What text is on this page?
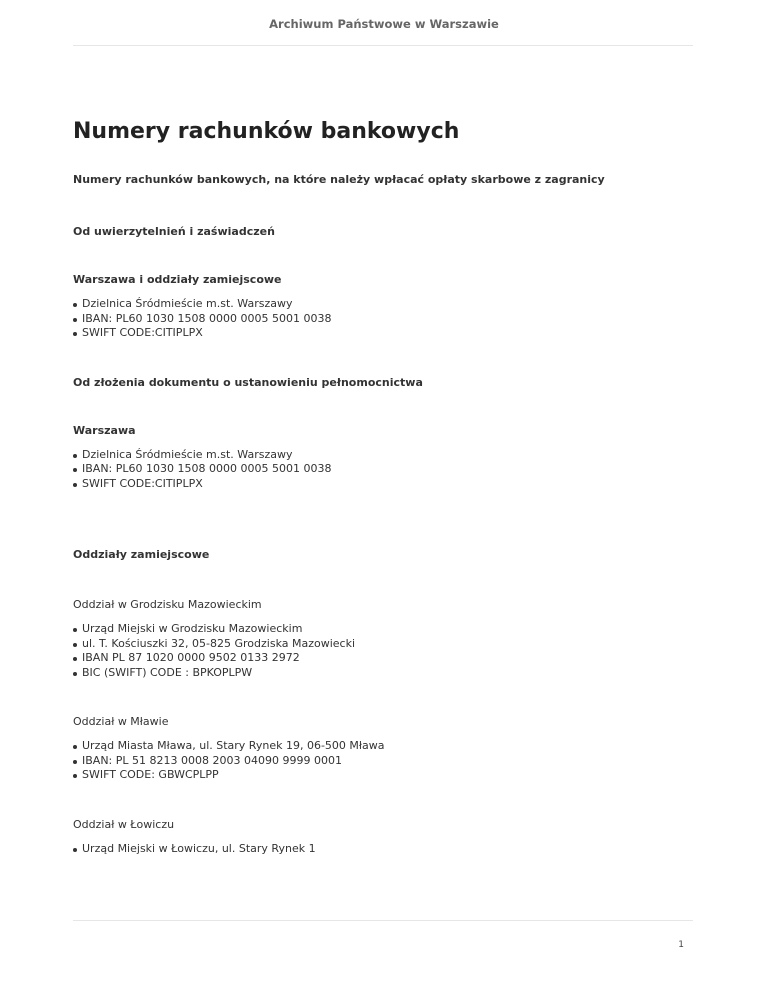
Archiwum Państwowe w Warszawie
Numery rachunków bankowych

Numery rachunków bankowych, na które należy wpłacać opłaty skarbowe z zagranicy

Od uwierzytelnień i zaświadczeń

Warszawa i oddziały zamiejscowe

Dzielnica Śródmieście m.st. Warszawy
IBAN: PL60 1030 1508 0000 0005 5001 0038
SWIFT CODE:CITIPLPX

Od złożenia dokumentu o ustanowieniu pełnomocnictwa

Warszawa

Dzielnica Śródmieście m.st. Warszawy
IBAN: PL60 1030 1508 0000 0005 5001 0038
SWIFT CODE:CITIPLPX

Oddziały zamiejscowe

Oddział w Grodzisku Mazowieckim

Urząd Miejski w Grodzisku Mazowieckim
ul. T. Kościuszki 32, 05-825 Grodziska Mazowiecki
IBAN PL 87 1020 0000 9502 0133 2972
BIC (SWIFT) CODE : BPKOPLPW

Oddział w Mławie

Urząd Miasta Mława, ul. Stary Rynek 19, 06-500 Mława
IBAN: PL 51 8213 0008 2003 04090 9999 0001
SWIFT CODE: GBWCPLPP

Oddział w Łowiczu

Urząd Miejski w Łowiczu, ul. Stary Rynek 1
1
